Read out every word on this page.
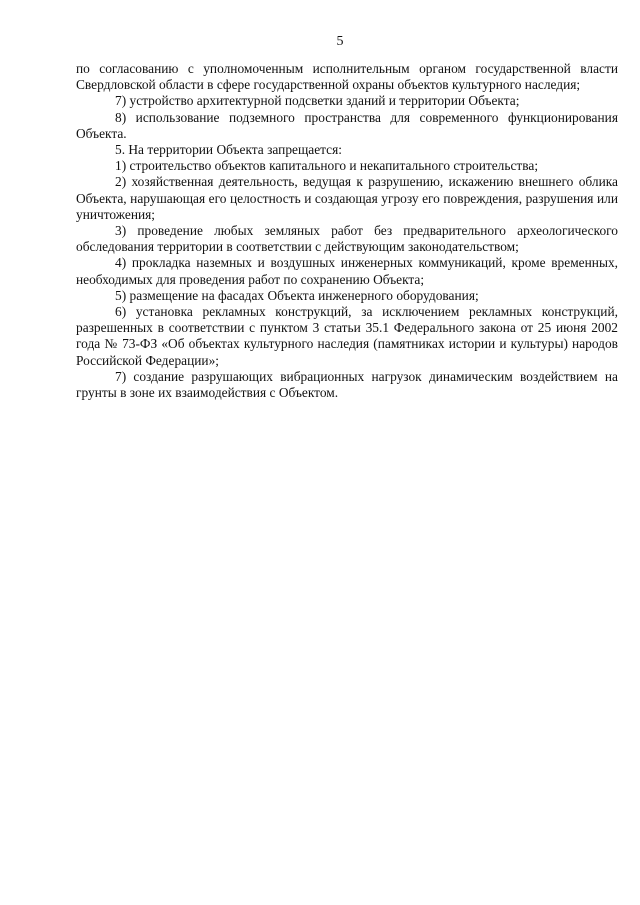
5

по согласованию с уполномоченным исполнительным органом государственной власти Свердловской области в сфере государственной охраны объектов культурного наследия;

7) устройство архитектурной подсветки зданий и территории Объекта;

8) использование подземного пространства для современного функционирования Объекта.

5. На территории Объекта запрещается:

1) строительство объектов капитального и некапитального строительства;

2) хозяйственная деятельность, ведущая к разрушению, искажению внешнего облика Объекта, нарушающая его целостность и создающая угрозу его повреждения, разрушения или уничтожения;

3) проведение любых земляных работ без предварительного археологического обследования территории в соответствии с действующим законодательством;

4) прокладка наземных и воздушных инженерных коммуникаций, кроме временных, необходимых для проведения работ по сохранению Объекта;

5) размещение на фасадах Объекта инженерного оборудования;

6) установка рекламных конструкций, за исключением рекламных конструкций, разрешенных в соответствии с пунктом 3 статьи 35.1 Федерального закона от 25 июня 2002 года № 73-ФЗ «Об объектах культурного наследия (памятниках истории и культуры) народов Российской Федерации»;

7) создание разрушающих вибрационных нагрузок динамическим воздействием на грунты в зоне их взаимодействия с Объектом.
